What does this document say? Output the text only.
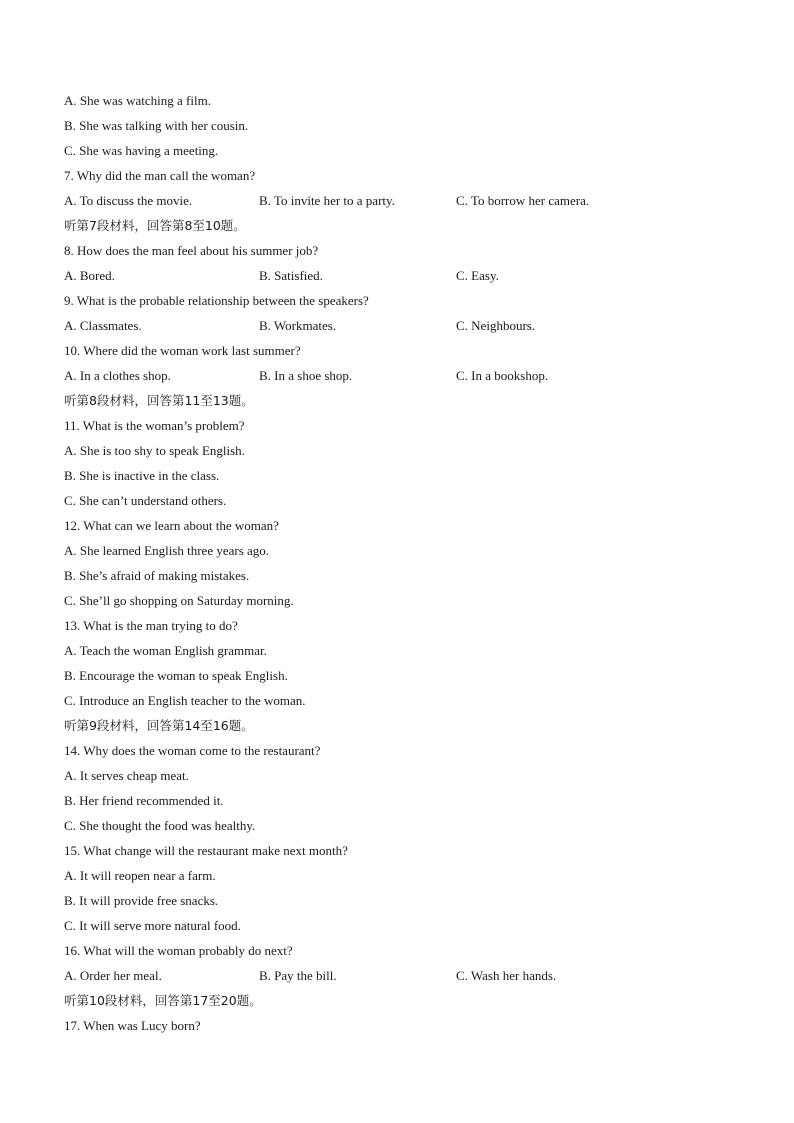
A. She was watching a film.
B. She was talking with her cousin.
C. She was having a meeting.
7. Why did the man call the woman?
A. To discuss the movie.	B. To invite her to a party.	C. To borrow her camera.
听第7段材料，回答第8至10题。
8. How does the man feel about his summer job?
A. Bored.	B. Satisfied.	C. Easy.
9. What is the probable relationship between the speakers?
A. Classmates.	B. Workmates.	C. Neighbours.
10. Where did the woman work last summer?
A. In a clothes shop.	B. In a shoe shop.	C. In a bookshop.
听第8段材料，回答第11至13题。
11. What is the woman’s problem?
A. She is too shy to speak English.
B. She is inactive in the class.
C. She can’t understand others.
12. What can we learn about the woman?
A. She learned English three years ago.
B. She’s afraid of making mistakes.
C. She’ll go shopping on Saturday morning.
13. What is the man trying to do?
A. Teach the woman English grammar.
B. Encourage the woman to speak English.
C. Introduce an English teacher to the woman.
听第9段材料，回答第14至16题。
14. Why does the woman come to the restaurant?
A. It serves cheap meat.
B. Her friend recommended it.
C. She thought the food was healthy.
15. What change will the restaurant make next month?
A. It will reopen near a farm.
B. It will provide free snacks.
C. It will serve more natural food.
16. What will the woman probably do next?
A. Order her meal.	B. Pay the bill.	C. Wash her hands.
听第10段材料，回答第17至20题。
17. When was Lucy born?
